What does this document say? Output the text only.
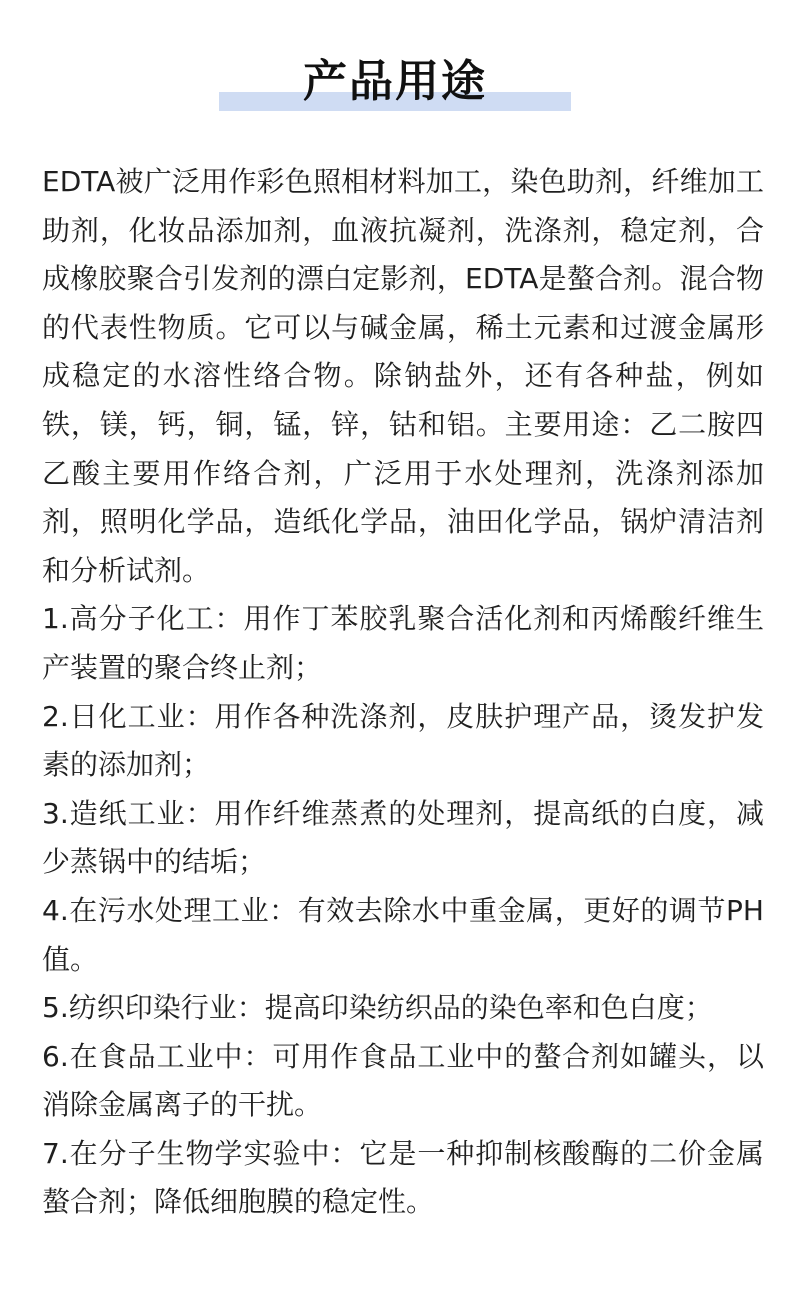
产品用途

EDTA被广泛用作彩色照相材料加工，染色助剂，纤维加工助剂，化妆品添加剂，血液抗凝剂，洗涤剂，稳定剂，合成橡胶聚合引发剂的漂白定影剂，EDTA是螯合剂。混合物的代表性物质。它可以与碱金属，稀土元素和过渡金属形成稳定的水溶性络合物。除钠盐外，还有各种盐，例如铁，镁，钙，铜，锰，锌，钴和铝。主要用途：乙二胺四乙酸主要用作络合剂，广泛用于水处理剂，洗涤剂添加剂，照明化学品，造纸化学品，油田化学品，锅炉清洁剂和分析试剂。

1.高分子化工：用作丁苯胶乳聚合活化剂和丙烯酸纤维生产装置的聚合终止剂；

2.日化工业：用作各种洗涤剂，皮肤护理产品，烫发护发素的添加剂；

3.造纸工业：用作纤维蒸煮的处理剂，提高纸的白度，减少蒸锅中的结垢；

4.在污水处理工业：有效去除水中重金属，更好的调节PH值。

5.纺织印染行业：提高印染纺织品的染色率和色白度；

6.在食品工业中：可用作食品工业中的螯合剂如罐头，以消除金属离子的干扰。

7.在分子生物学实验中：它是一种抑制核酸酶的二价金属螯合剂；降低细胞膜的稳定性。
